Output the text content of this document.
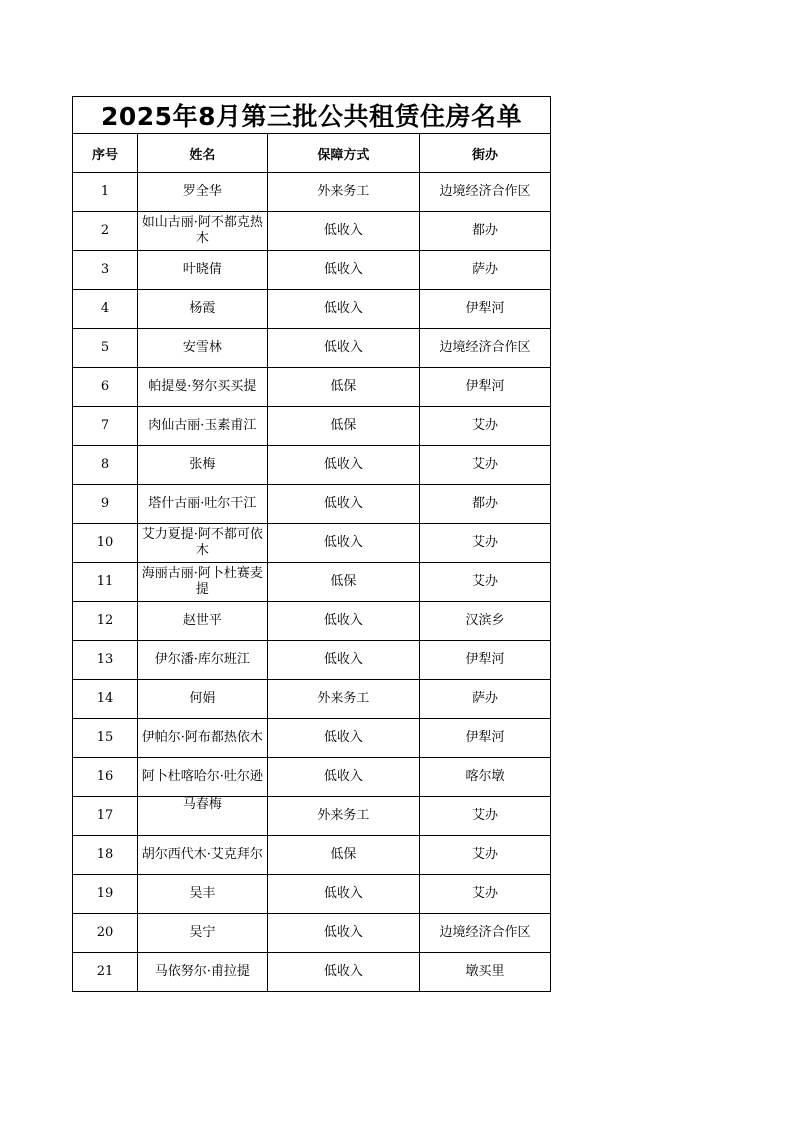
2025年8月第三批公共租赁住房名单			
序号	姓名	保障方式	街办
1	罗全华	外来务工	边境经济合作区
2	如山古丽·阿不都克热木	低收入	都办
3	叶晓倩	低收入	萨办
4	杨霞	低收入	伊犁河
5	安雪林	低收入	边境经济合作区
6	帕提曼·努尔买买提	低保	伊犁河
7	肉仙古丽·玉素甫江	低保	艾办
8	张梅	低收入	艾办
9	塔什古丽·吐尔干江	低收入	都办
10	艾力夏提·阿不都可依木	低收入	艾办
11	海丽古丽·阿卜杜赛麦提	低保	艾办
12	赵世平	低收入	汉滨乡
13	伊尔潘·库尔班江	低收入	伊犁河
14	何娟	外来务工	萨办
15	伊帕尔·阿布都热依木	低收入	伊犁河
16	阿卜杜喀哈尔·吐尔逊	低收入	喀尔墩
17	马春梅	外来务工	艾办
18	胡尔西代木·艾克拜尔	低保	艾办
19	吴丰	低收入	艾办
20	吴宁	低收入	边境经济合作区
21	马依努尔·甫拉提	低收入	墩买里
